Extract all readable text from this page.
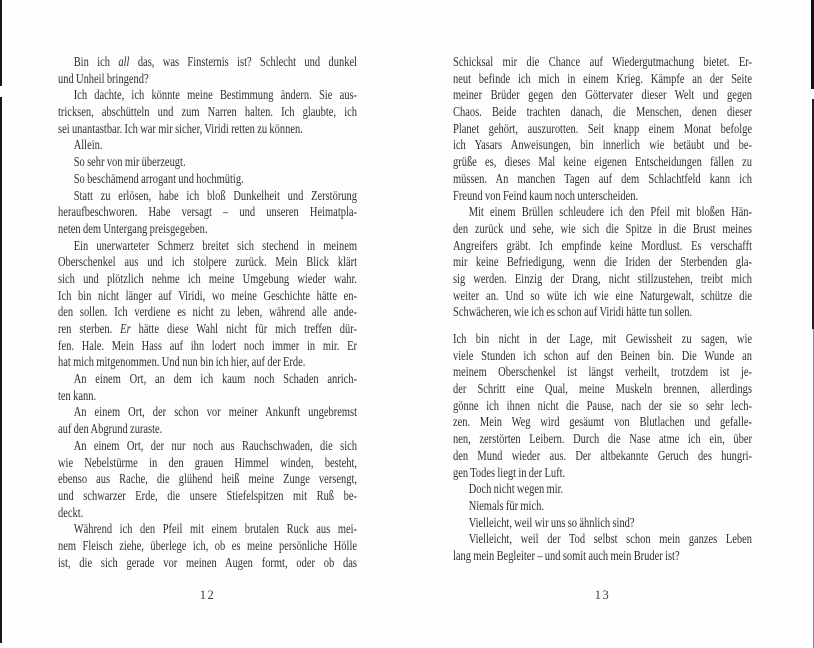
Bin ich all das, was Finsternis ist? Schlecht und dunkel
und Unheil bringend?
Ich dachte, ich könnte meine Bestimmung ändern. Sie aus-
tricksen, abschütteln und zum Narren halten. Ich glaubte, ich
sei unantastbar. Ich war mir sicher, Viridi retten zu können.
Allein.
So sehr von mir überzeugt.
So beschämend arrogant und hochmütig.
Statt zu erlösen, habe ich bloß Dunkelheit und Zerstörung
heraufbeschworen. Habe versagt – und unseren Heimatpla-
neten dem Untergang preisgegeben.
Ein unerwarteter Schmerz breitet sich stechend in meinem
Oberschenkel aus und ich stolpere zurück. Mein Blick klärt
sich und plötzlich nehme ich meine Umgebung wieder wahr.
Ich bin nicht länger auf Viridi, wo meine Geschichte hätte en-
den sollen. Ich verdiene es nicht zu leben, während alle ande-
ren sterben. Er hätte diese Wahl nicht für mich treffen dür-
fen. Hale. Mein Hass auf ihn lodert noch immer in mir. Er
hat mich mitgenommen. Und nun bin ich hier, auf der Erde.
An einem Ort, an dem ich kaum noch Schaden anrich-
ten kann.
An einem Ort, der schon vor meiner Ankunft ungebremst
auf den Abgrund zuraste.
An einem Ort, der nur noch aus Rauchschwaden, die sich
wie Nebelstürme in den grauen Himmel winden, besteht,
ebenso aus Rache, die glühend heiß meine Zunge versengt,
und schwarzer Erde, die unsere Stiefelspitzen mit Ruß be-
deckt.
Während ich den Pfeil mit einem brutalen Ruck aus mei-
nem Fleisch ziehe, überlege ich, ob es meine persönliche Hölle
ist, die sich gerade vor meinen Augen formt, oder ob das
Schicksal mir die Chance auf Wiedergutmachung bietet. Er-
neut befinde ich mich in einem Krieg. Kämpfe an der Seite
meiner Brüder gegen den Göttervater dieser Welt und gegen
Chaos. Beide trachten danach, die Menschen, denen dieser
Planet gehört, auszurotten. Seit knapp einem Monat befolge
ich Yasars Anweisungen, bin innerlich wie betäubt und be-
grüße es, dieses Mal keine eigenen Entscheidungen fällen zu
müssen. An manchen Tagen auf dem Schlachtfeld kann ich
Freund von Feind kaum noch unterscheiden.
Mit einem Brüllen schleudere ich den Pfeil mit bloßen Hän-
den zurück und sehe, wie sich die Spitze in die Brust meines
Angreifers gräbt. Ich empfinde keine Mordlust. Es verschafft
mir keine Befriedigung, wenn die Iriden der Sterbenden gla-
sig werden. Einzig der Drang, nicht stillzustehen, treibt mich
weiter an. Und so wüte ich wie eine Naturgewalt, schütze die
Schwächeren, wie ich es schon auf Viridi hätte tun sollen.
Ich bin nicht in der Lage, mit Gewissheit zu sagen, wie
viele Stunden ich schon auf den Beinen bin. Die Wunde an
meinem Oberschenkel ist längst verheilt, trotzdem ist je-
der Schritt eine Qual, meine Muskeln brennen, allerdings
gönne ich ihnen nicht die Pause, nach der sie so sehr lech-
zen. Mein Weg wird gesäumt von Blutlachen und gefalle-
nen, zerstörten Leibern. Durch die Nase atme ich ein, über
den Mund wieder aus. Der altbekannte Geruch des hungri-
gen Todes liegt in der Luft.
Doch nicht wegen mir.
Niemals für mich.
Vielleicht, weil wir uns so ähnlich sind?
Vielleicht, weil der Tod selbst schon mein ganzes Leben
lang mein Begleiter – und somit auch mein Bruder ist?
12	13
